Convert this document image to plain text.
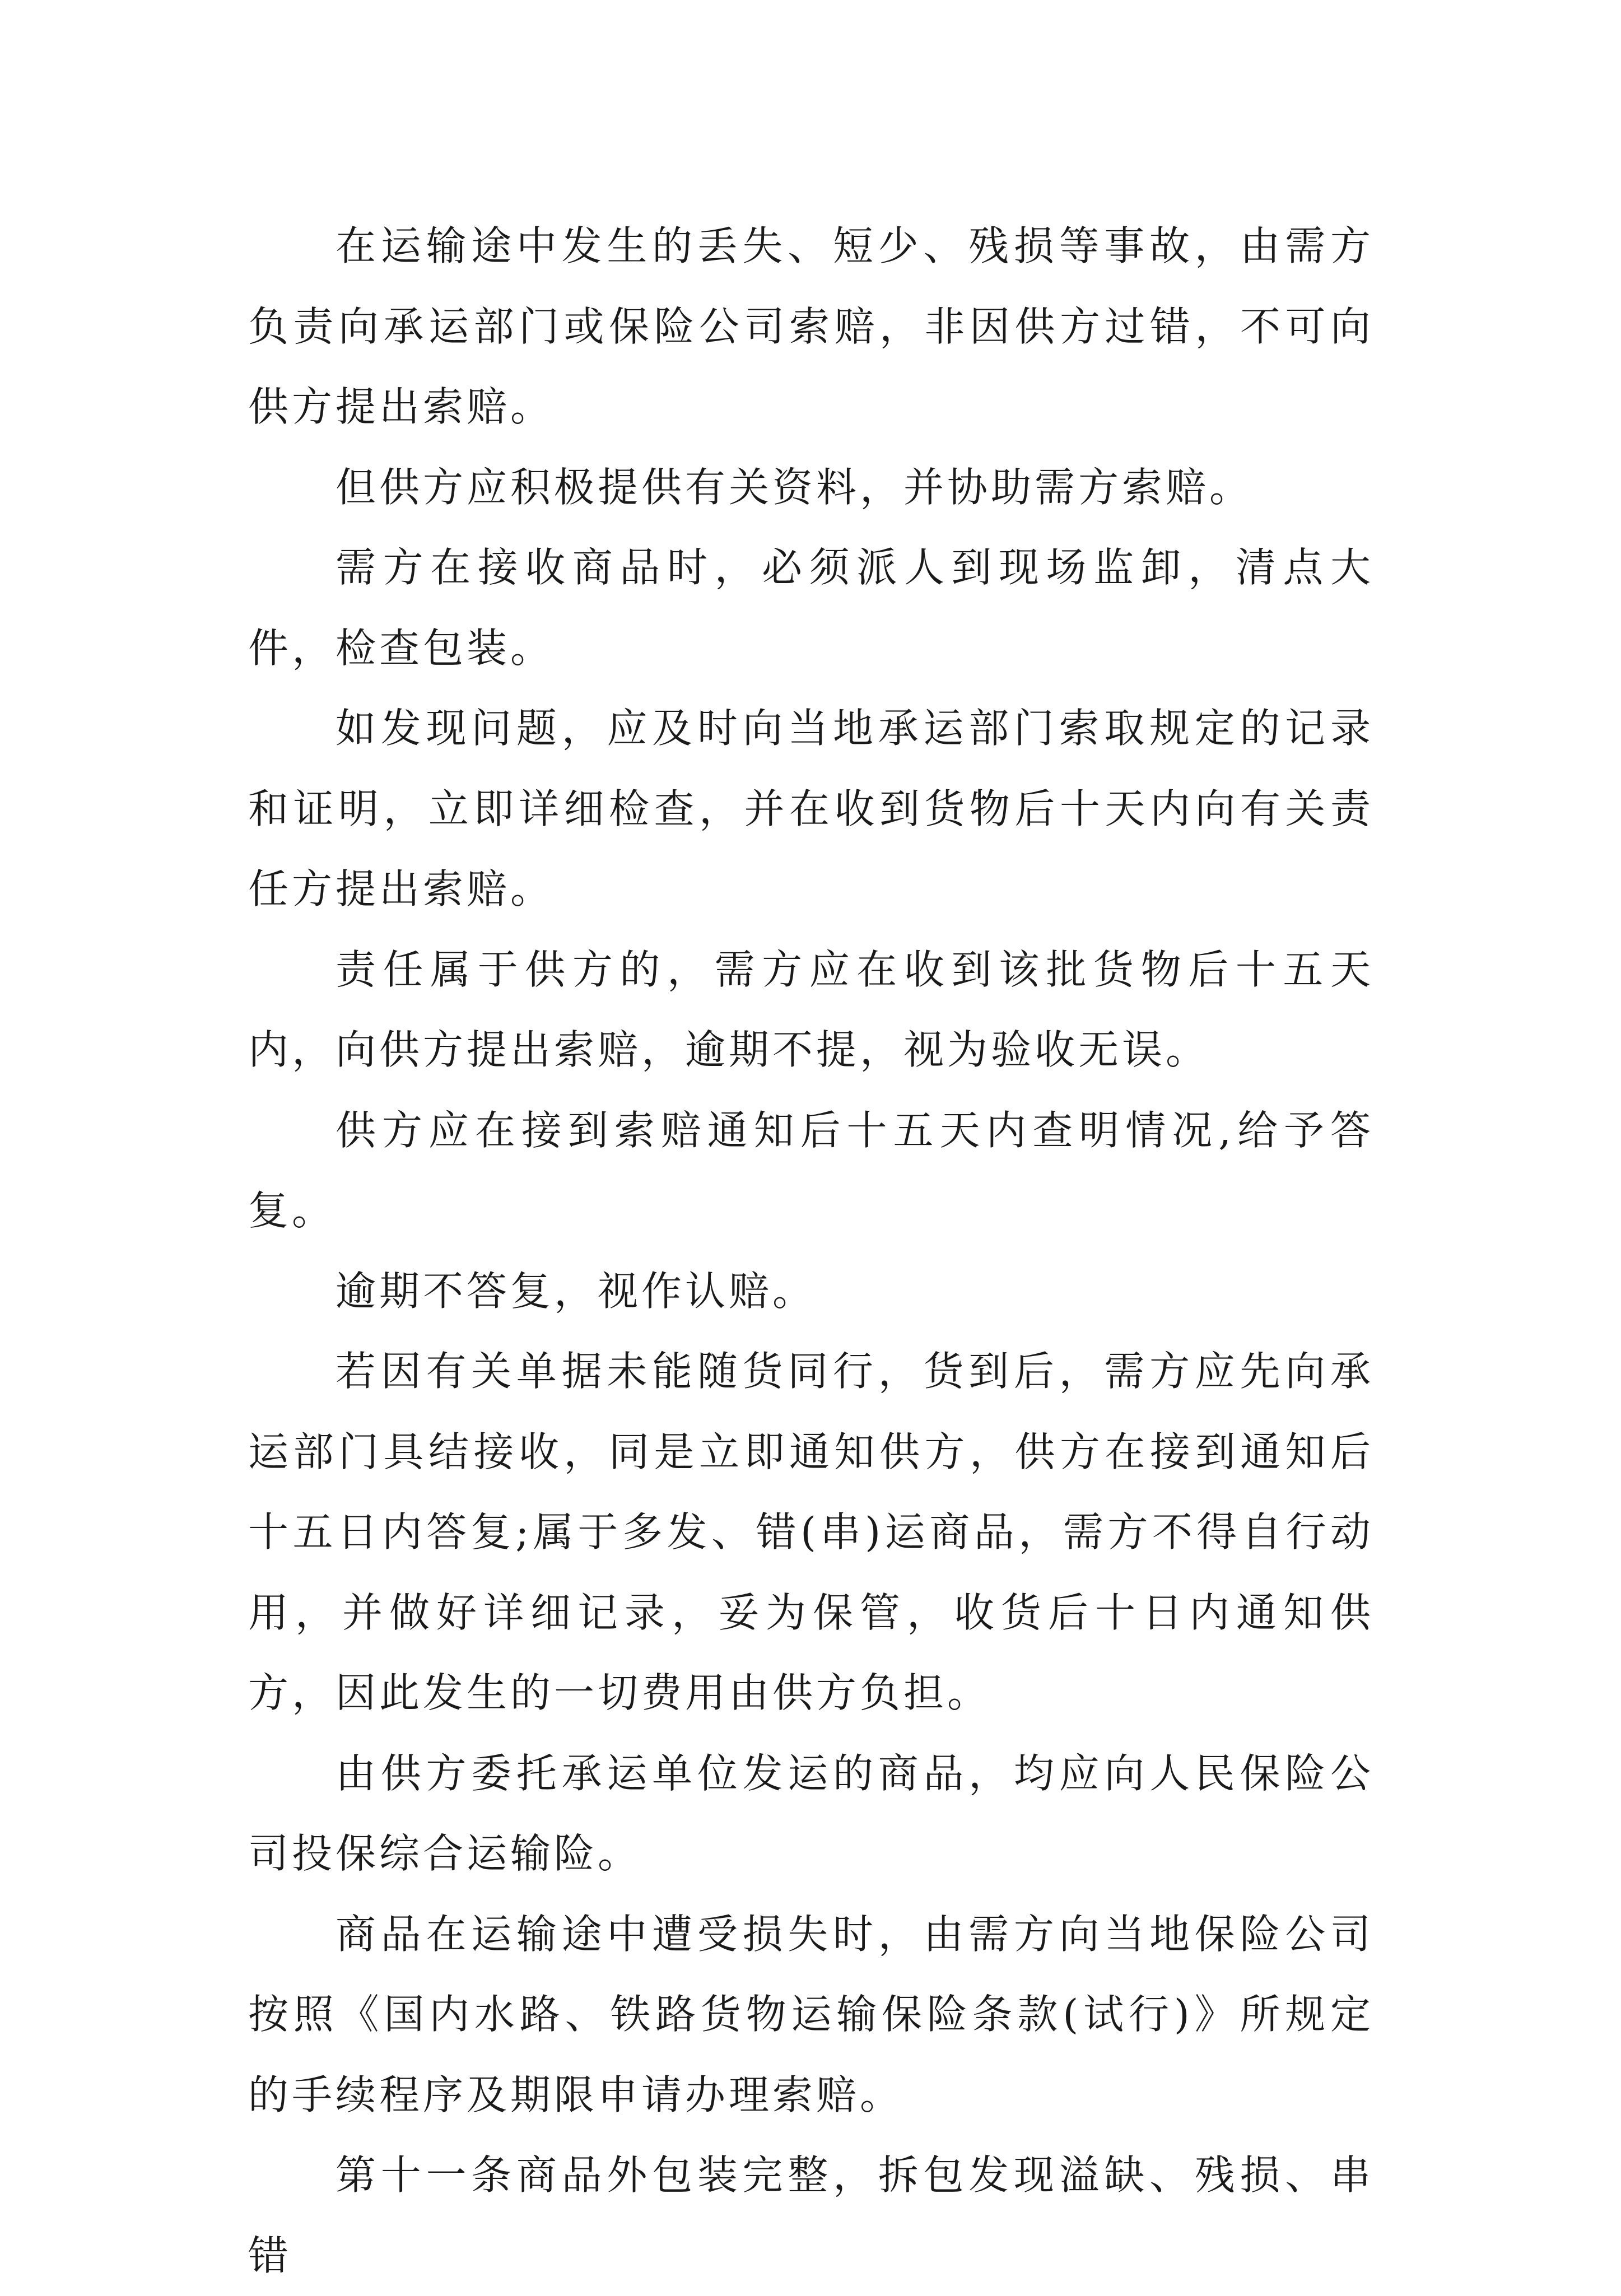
在运输途中发生的丢失、短少、残损等事故，由需方负责向承运部门或保险公司索赔，非因供方过错，不可向供方提出索赔。

但供方应积极提供有关资料，并协助需方索赔。

需方在接收商品时，必须派人到现场监卸，清点大件，检查包装。

如发现问题，应及时向当地承运部门索取规定的记录和证明，立即详细检查，并在收到货物后十天内向有关责任方提出索赔。

责任属于供方的，需方应在收到该批货物后十五天内，向供方提出索赔，逾期不提，视为验收无误。

供方应在接到索赔通知后十五天内查明情况,给予答复。

逾期不答复，视作认赔。

若因有关单据未能随货同行，货到后，需方应先向承运部门具结接收，同是立即通知供方，供方在接到通知后十五日内答复;属于多发、错(串)运商品，需方不得自行动用，并做好详细记录，妥为保管，收货后十日内通知供方，因此发生的一切费用由供方负担。

由供方委托承运单位发运的商品，均应向人民保险公司投保综合运输险。

商品在运输途中遭受损失时，由需方向当地保险公司按照《国内水路、铁路货物运输保险条款(试行)》所规定的手续程序及期限申请办理索赔。

第十一条商品外包装完整，拆包发现溢缺、残损、串错
